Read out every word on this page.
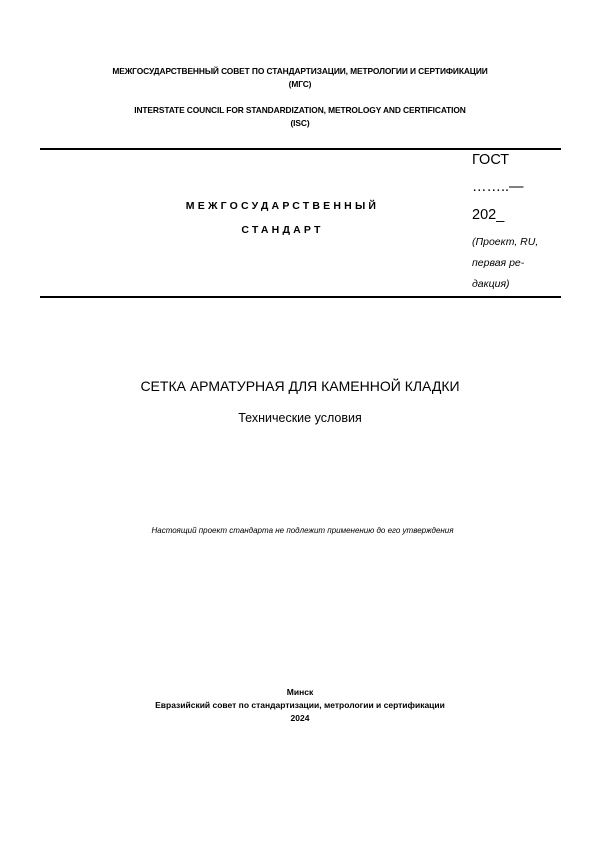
МЕЖГОСУДАРСТВЕННЫЙ СОВЕТ ПО СТАНДАРТИЗАЦИИ, МЕТРОЛОГИИ И СЕРТИФИКАЦИИ
(МГС)
INTERSTATE COUNCIL FOR STANDARDIZATION, METROLOGY AND CERTIFICATION
(ISC)
МЕЖГОСУДАРСТВЕННЫЙ
СТАНДАРТ
ГОСТ
……..—
202_
(Проект, RU,
первая ре-
дакция)
СЕТКА АРМАТУРНАЯ ДЛЯ КАМЕННОЙ КЛАДКИ
Технические условия
Настоящий проект стандарта не подлежит применению до его утверждения
Минск
Евразийский совет по стандартизации, метрологии и сертификации
2024
